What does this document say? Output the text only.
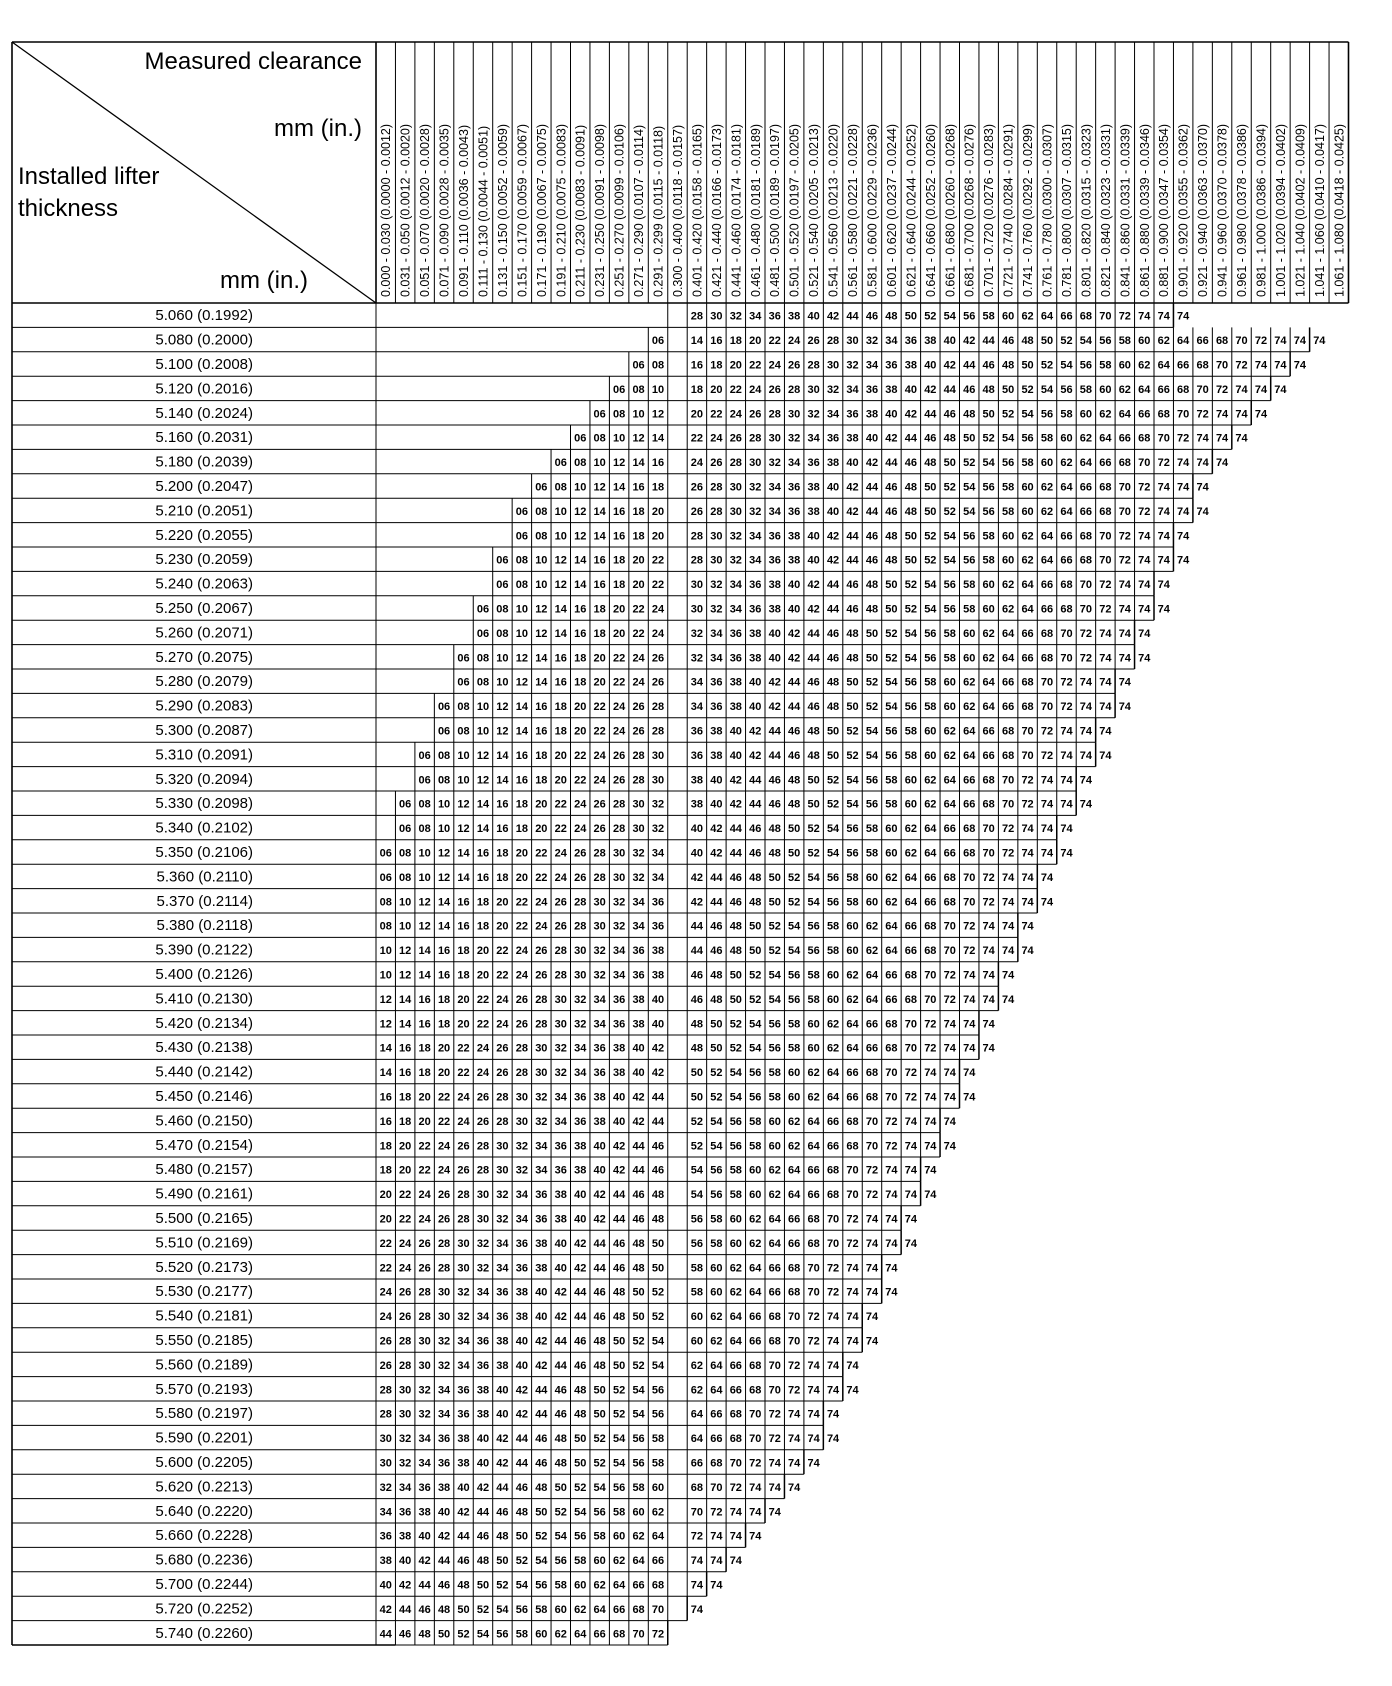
28 30 32 34 36 38 40 42 44 46 48 50 52 54 56 58 60 62 64 66 68 70 72 74 74 74
06 14 16 18 20 22 24 26 28 30 32 34 36 38 40 42 44 46 48 50 52 54 56 58 60 62 64 66 68 70 72 74 74 74
06 08 16 18 20 22 24 26 28 30 32 34 36 38 40 42 44 46 48 50 52 54 56 58 60 62 64 66 68 70 72 74 74 74
06 08 10 18 20 22 24 26 28 30 32 34 36 38 40 42 44 46 48 50 52 54 56 58 60 62 64 66 68 70 72 74 74 74
06 08 10 12 20 22 24 26 28 30 32 34 36 38 40 42 44 46 48 50 52 54 56 58 60 62 64 66 68 70 72 74 74 74
06 08 10 12 14 22 24 26 28 30 32 34 36 38 40 42 44 46 48 50 52 54 56 58 60 62 64 66 68 70 72 74 74 74
06 08 10 12 14 16 24 26 28 30 32 34 36 38 40 42 44 46 48 50 52 54 56 58 60 62 64 66 68 70 72 74 74 74
06 08 10 12 14 16 18 26 28 30 32 34 36 38 40 42 44 46 48 50 52 54 56 58 60 62 64 66 68 70 72 74 74 74
06 08 10 12 14 16 18 20 26 28 30 32 34 36 38 40 42 44 46 48 50 52 54 56 58 60 62 64 66 68 70 72 74 74 74
06 08 10 12 14 16 18 20 28 30 32 34 36 38 40 42 44 46 48 50 52 54 56 58 60 62 64 66 68 70 72 74 74 74
06 08 10 12 14 16 18 20 22 28 30 32 34 36 38 40 42 44 46 48 50 52 54 56 58 60 62 64 66 68 70 72 74 74 74
06 08 10 12 14 16 18 20 22 30 32 34 36 38 40 42 44 46 48 50 52 54 56 58 60 62 64 66 68 70 72 74 74 74
06 08 10 12 14 16 18 20 22 24 30 32 34 36 38 40 42 44 46 48 50 52 54 56 58 60 62 64 66 68 70 72 74 74 74
06 08 10 12 14 16 18 20 22 24 32 34 36 38 40 42 44 46 48 50 52 54 56 58 60 62 64 66 68 70 72 74 74 74
06 08 10 12 14 16 18 20 22 24 26 32 34 36 38 40 42 44 46 48 50 52 54 56 58 60 62 64 66 68 70 72 74 74 74
06 08 10 12 14 16 18 20 22 24 26 34 36 38 40 42 44 46 48 50 52 54 56 58 60 62 64 66 68 70 72 74 74 74
06 08 10 12 14 16 18 20 22 24 26 28 34 36 38 40 42 44 46 48 50 52 54 56 58 60 62 64 66 68 70 72 74 74 74
06 08 10 12 14 16 18 20 22 24 26 28 36 38 40 42 44 46 48 50 52 54 56 58 60 62 64 66 68 70 72 74 74 74
06 08 10 12 14 16 18 20 22 24 26 28 30 36 38 40 42 44 46 48 50 52 54 56 58 60 62 64 66 68 70 72 74 74 74
06 08 10 12 14 16 18 20 22 24 26 28 30 38 40 42 44 46 48 50 52 54 56 58 60 62 64 66 68 70 72 74 74 74
06 08 10 12 14 16 18 20 22 24 26 28 30 32 38 40 42 44 46 48 50 52 54 56 58 60 62 64 66 68 70 72 74 74 74
06 08 10 12 14 16 18 20 22 24 26 28 30 32 40 42 44 46 48 50 52 54 56 58 60 62 64 66 68 70 72 74 74 74
06 08 10 12 14 16 18 20 22 24 26 28 30 32 34 40 42 44 46 48 50 52 54 56 58 60 62 64 66 68 70 72 74 74 74
06 08 10 12 14 16 18 20 22 24 26 28 30 32 34 42 44 46 48 50 52 54 56 58 60 62 64 66 68 70 72 74 74 74
08 10 12 14 16 18 20 22 24 26 28 30 32 34 36 42 44 46 48 50 52 54 56 58 60 62 64 66 68 70 72 74 74 74
08 10 12 14 16 18 20 22 24 26 28 30 32 34 36 44 46 48 50 52 54 56 58 60 62 64 66 68 70 72 74 74 74
10 12 14 16 18 20 22 24 26 28 30 32 34 36 38 44 46 48 50 52 54 56 58 60 62 64 66 68 70 72 74 74 74
10 12 14 16 18 20 22 24 26 28 30 32 34 36 38 46 48 50 52 54 56 58 60 62 64 66 68 70 72 74 74 74
12 14 16 18 20 22 24 26 28 30 32 34 36 38 40 46 48 50 52 54 56 58 60 62 64 66 68 70 72 74 74 74
12 14 16 18 20 22 24 26 28 30 32 34 36 38 40 48 50 52 54 56 58 60 62 64 66 68 70 72 74 74 74
14 16 18 20 22 24 26 28 30 32 34 36 38 40 42 48 50 52 54 56 58 60 62 64 66 68 70 72 74 74 74
14 16 18 20 22 24 26 28 30 32 34 36 38 40 42 50 52 54 56 58 60 62 64 66 68 70 72 74 74 74
16 18 20 22 24 26 28 30 32 34 36 38 40 42 44 50 52 54 56 58 60 62 64 66 68 70 72 74 74 74
16 18 20 22 24 26 28 30 32 34 36 38 40 42 44 52 54 56 58 60 62 64 66 68 70 72 74 74 74
18 20 22 24 26 28 30 32 34 36 38 40 42 44 46 52 54 56 58 60 62 64 66 68 70 72 74 74 74
18 20 22 24 26 28 30 32 34 36 38 40 42 44 46 54 56 58 60 62 64 66 68 70 72 74 74 74
20 22 24 26 28 30 32 34 36 38 40 42 44 46 48 54 56 58 60 62 64 66 68 70 72 74 74 74
20 22 24 26 28 30 32 34 36 38 40 42 44 46 48 56 58 60 62 64 66 68 70 72 74 74 74
22 24 26 28 30 32 34 36 38 40 42 44 46 48 50 56 58 60 62 64 66 68 70 72 74 74 74
22 24 26 28 30 32 34 36 38 40 42 44 46 48 50 58 60 62 64 66 68 70 72 74 74 74
24 26 28 30 32 34 36 38 40 42 44 46 48 50 52 58 60 62 64 66 68 70 72 74 74 74
24 26 28 30 32 34 36 38 40 42 44 46 48 50 52 60 62 64 66 68 70 72 74 74 74
26 28 30 32 34 36 38 40 42 44 46 48 50 52 54 60 62 64 66 68 70 72 74 74 74
26 28 30 32 34 36 38 40 42 44 46 48 50 52 54 62 64 66 68 70 72 74 74 74
28 30 32 34 36 38 40 42 44 46 48 50 52 54 56 62 64 66 68 70 72 74 74 74
28 30 32 34 36 38 40 42 44 46 48 50 52 54 56 64 66 68 70 72 74 74 74
30 32 34 36 38 40 42 44 46 48 50 52 54 56 58 64 66 68 70 72 74 74 74
30 32 34 36 38 40 42 44 46 48 50 52 54 56 58 66 68 70 72 74 74 74
32 34 36 38 40 42 44 46 48 50 52 54 56 58 60 68 70 72 74 74 74
34 36 38 40 42 44 46 48 50 52 54 56 58 60 62 70 72 74 74 74
36 38 40 42 44 46 48 50 52 54 56 58 60 62 64 72 74 74 74
38 40 42 44 46 48 50 52 54 56 58 60 62 64 66 74 74 74
40 42 44 46 48 50 52 54 56 58 60 62 64 66 68 74 74
42 44 46 48 50 52 54 56 58 60 62 64 66 68 70 74
44 46 48 50 52 54 56 58 60 62 64 66 68 70 72
0.000 - 0.030 (0.0000 - 0.0012) 0.031 - 0.050 (0.0012 - 0.0020) 0.051 - 0.070 (0.0020 - 0.0028) 0.071 - 0.090 (0.0028 - 0.0035) 0.091 - 0.110 (0.0036 - 0.0043) 0.111 - 0.130 (0.0044 - 0.0051) 0.131 - 0.150 (0.0052 - 0.0059) 0.151 - 0.170 (0.0059 - 0.0067) 0.171 - 0.190 (0.0067 - 0.0075) 0.191 - 0.210 (0.0075 - 0.0083) 0.211 - 0.230 (0.0083 - 0.0091) 0.231 - 0.250 (0.0091 - 0.0098) 0.251 - 0.270 (0.0099 - 0.0106) 0.271 - 0.290 (0.0107 - 0.0114) 0.291 - 0.299 (0.0115 - 0.0118) 0.300 - 0.400 (0.0118 - 0.0157) 0.401 - 0.420 (0.0158 - 0.0165) 0.421 - 0.440 (0.0166 - 0.0173) 0.441 - 0.460 (0.0174 - 0.0181) 0.461 - 0.480 (0.0181 - 0.0189) 0.481 - 0.500 (0.0189 - 0.0197) 0.501 - 0.520 (0.0197 - 0.0205) 0.521 - 0.540 (0.0205 - 0.0213) 0.541 - 0.560 (0.0213 - 0.0220) 0.561 - 0.580 (0.0221 - 0.0228) 0.581 - 0.600 (0.0229 - 0.0236) 0.601 - 0.620 (0.0237 - 0.0244) 0.621 - 0.640 (0.0244 - 0.0252) 0.641 - 0.660 (0.0252 - 0.0260) 0.661 - 0.680 (0.0260 - 0.0268) 0.681 - 0.700 (0.0268 - 0.0276) 0.701 - 0.720 (0.0276 - 0.0283) 0.721 - 0.740 (0.0284 - 0.0291) 0.741 - 0.760 (0.0292 - 0.0299) 0.761 - 0.780 (0.0300 - 0.0307) 0.781 - 0.800 (0.0307 - 0.0315) 0.801 - 0.820 (0.0315 - 0.0323) 0.821 - 0.840 (0.0323 - 0.0331) 0.841 - 0.860 (0.0331 - 0.0339) 0.861 - 0.880 (0.0339 - 0.0346) 0.881 - 0.900 (0.0347 - 0.0354) 0.901 - 0.920 (0.0355 - 0.0362) 0.921 - 0.940 (0.0363 - 0.0370) 0.941 - 0.960 (0.0370 - 0.0378) 0.961 - 0.980 (0.0378 - 0.0386) 0.981 - 1.000 (0.0386 - 0.0394) 1.001 - 1.020 (0.0394 - 0.0402) 1.021 - 1.040 (0.0402 - 0.0409) 1.041 - 1.060 (0.0410 - 0.0417) 1.061 - 1.080 (0.0418 - 0.0425)
5.060 (0.1992)
5.080 (0.2000)
5.100 (0.2008)
5.120 (0.2016)
5.140 (0.2024)
5.160 (0.2031)
5.180 (0.2039)
5.200 (0.2047)
5.210 (0.2051)
5.220 (0.2055)
5.230 (0.2059)
5.240 (0.2063)
5.250 (0.2067)
5.260 (0.2071)
5.270 (0.2075)
5.280 (0.2079)
5.290 (0.2083)
5.300 (0.2087)
5.310 (0.2091)
5.320 (0.2094)
5.330 (0.2098)
5.340 (0.2102)
5.350 (0.2106)
5.360 (0.2110)
5.370 (0.2114)
5.380 (0.2118)
5.390 (0.2122)
5.400 (0.2126)
5.410 (0.2130)
5.420 (0.2134)
5.430 (0.2138)
5.440 (0.2142)
5.450 (0.2146)
5.460 (0.2150)
5.470 (0.2154)
5.480 (0.2157)
5.490 (0.2161)
5.500 (0.2165)
5.510 (0.2169)
5.520 (0.2173)
5.530 (0.2177)
5.540 (0.2181)
5.550 (0.2185)
5.560 (0.2189)
5.570 (0.2193)
5.580 (0.2197)
5.590 (0.2201)
5.600 (0.2205)
5.620 (0.2213)
5.640 (0.2220)
5.660 (0.2228)
5.680 (0.2236)
5.700 (0.2244)
5.720 (0.2252)
5.740 (0.2260)
Measured clearance
mm (in.)
Installed lifter
thickness
mm (in.)
